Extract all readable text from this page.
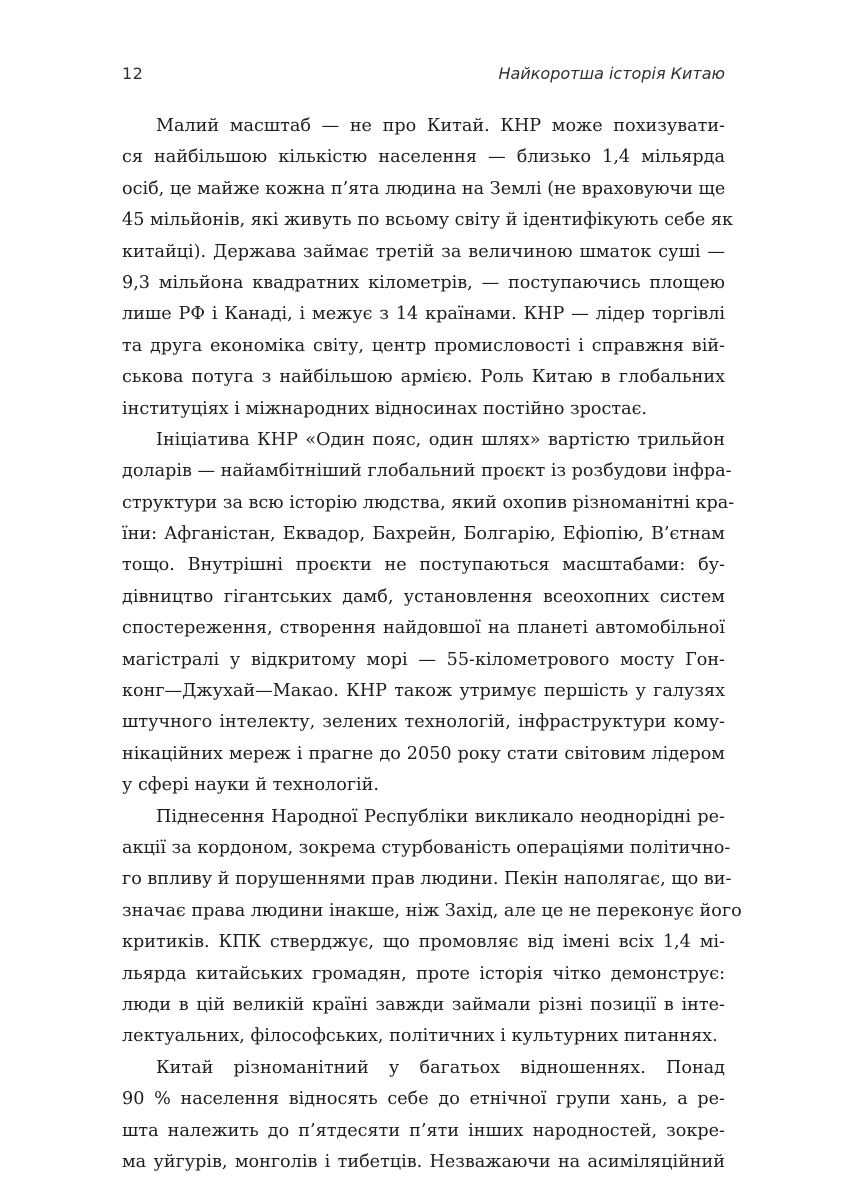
12	Найкоротша історія Китаю
Малий масштаб — не про Китай. КНР може похизувати-
ся найбільшою кількістю населення — близько 1,4 мільярда
осіб, це майже кожна п’ята людина на Землі (не враховуючи ще
45 мільйонів, які живуть по всьому світу й ідентифікують себе як
китайці). Держава займає третій за величиною шматок суші —
9,3 мільйона квадратних кілометрів, — поступаючись площею
лише РФ і Канаді, і межує з 14 країнами. КНР — лідер торгівлі
та друга економіка світу, центр промисловості і справжня вій-
ськова потуга з найбільшою армією. Роль Китаю в глобальних
інституціях і міжнародних відносинах постійно зростає.
Ініціатива КНР «Один пояс, один шлях» вартістю трильйон
доларів — найамбітніший глобальний проєкт із розбудови інфра-
структури за всю історію людства, який охопив різноманітні кра-
їни: Афганістан, Еквадор, Бахрейн, Болгарію, Ефіопію, В’єтнам
тощо. Внутрішні проєкти не поступаються масштабами: бу-
дівництво гігантських дамб, установлення всеохопних систем
спостереження, створення найдовшої на планеті автомобільної
магістралі у відкритому морі — 55-кілометрового мосту Гон-
конг—Джухай—Макао. КНР також утримує першість у галузях
штучного інтелекту, зелених технологій, інфраструктури кому-
нікаційних мереж і прагне до 2050 року стати світовим лідером
у сфері науки й технологій.
Піднесення Народної Республіки викликало неоднорідні ре-
акції за кордоном, зокрема стурбованість операціями політично-
го впливу й порушеннями прав людини. Пекін наполягає, що ви-
значає права людини інакше, ніж Захід, але це не переконує його
критиків. КПК стверджує, що промовляє від імені всіх 1,4 мі-
льярда китайських громадян, проте історія чітко демонструє:
люди в цій великій країні завжди займали різні позиції в інте-
лектуальних, філософських, політичних і культурних питаннях.
Китай різноманітний у багатьох відношеннях. Понад
90 % населення відносять себе до етнічної групи хань, а ре-
шта належить до п’ятдесяти п’яти інших народностей, зокре-
ма уйгурів, монголів і тибетців. Незважаючи на асиміляційний
